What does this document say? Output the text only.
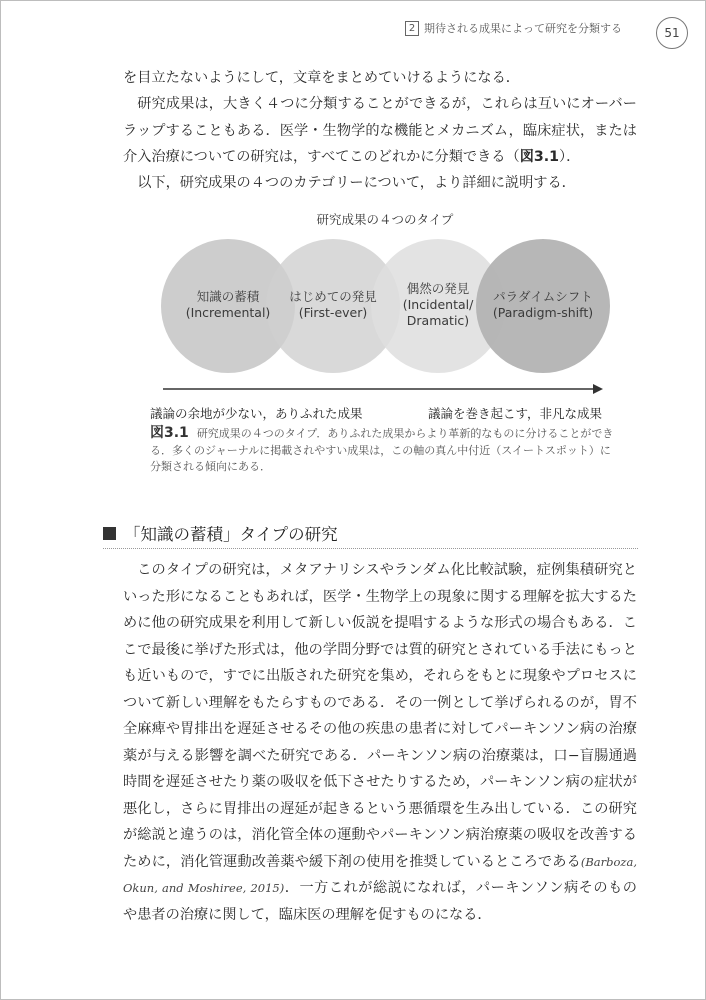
2 期待される成果によって研究を分類する	51

を目立たないようにして，文章をまとめていけるようになる．

研究成果は，大きく４つに分類することができるが，これらは互いにオーバーラップすることもある．医学・生物学的な機能とメカニズム，臨床症状，または介入治療についての研究は，すべてこのどれかに分類できる（図3.1）．

以下，研究成果の４つのカテゴリーについて，より詳細に説明する．

研究成果の４つのタイプ
知識の蓄積
(Incremental)
はじめての発見
(First-ever)
偶然の発見
(Incidental/
Dramatic)
パラダイムシフト
(Paradigm-shift)
議論の余地が少ない，ありふれた成果	議論を巻き起こす，非凡な成果
図3.1 研究成果の４つのタイプ．ありふれた成果からより革新的なものに分けることができる．多くのジャーナルに掲載されやすい成果は，この軸の真ん中付近（スイートスポット）に分類される傾向にある．
「知識の蓄積」タイプの研究

このタイプの研究は，メタアナリシスやランダム化比較試験，症例集積研究といった形になることもあれば，医学・生物学上の現象に関する理解を拡大するために他の研究成果を利用して新しい仮説を提唱するような形式の場合もある．ここで最後に挙げた形式は，他の学問分野では質的研究とされている手法にもっとも近いもので，すでに出版された研究を集め，それらをもとに現象やプロセスについて新しい理解をもたらすものである．その一例として挙げられるのが，胃不全麻痺や胃排出を遅延させるその他の疾患の患者に対してパーキンソン病の治療薬が与える影響を調べた研究である．パーキンソン病の治療薬は，口−盲腸通過時間を遅延させたり薬の吸収を低下させたりするため，パーキンソン病の症状が悪化し，さらに胃排出の遅延が起きるという悪循環を生み出している．この研究が総説と違うのは，消化管全体の運動やパーキンソン病治療薬の吸収を改善するために，消化管運動改善薬や緩下剤の使用を推奨しているところである(Barboza, Okun, and Moshiree, 2015)．一方これが総説になれば，パーキンソン病そのものや患者の治療に関して，臨床医の理解を促すものになる．
